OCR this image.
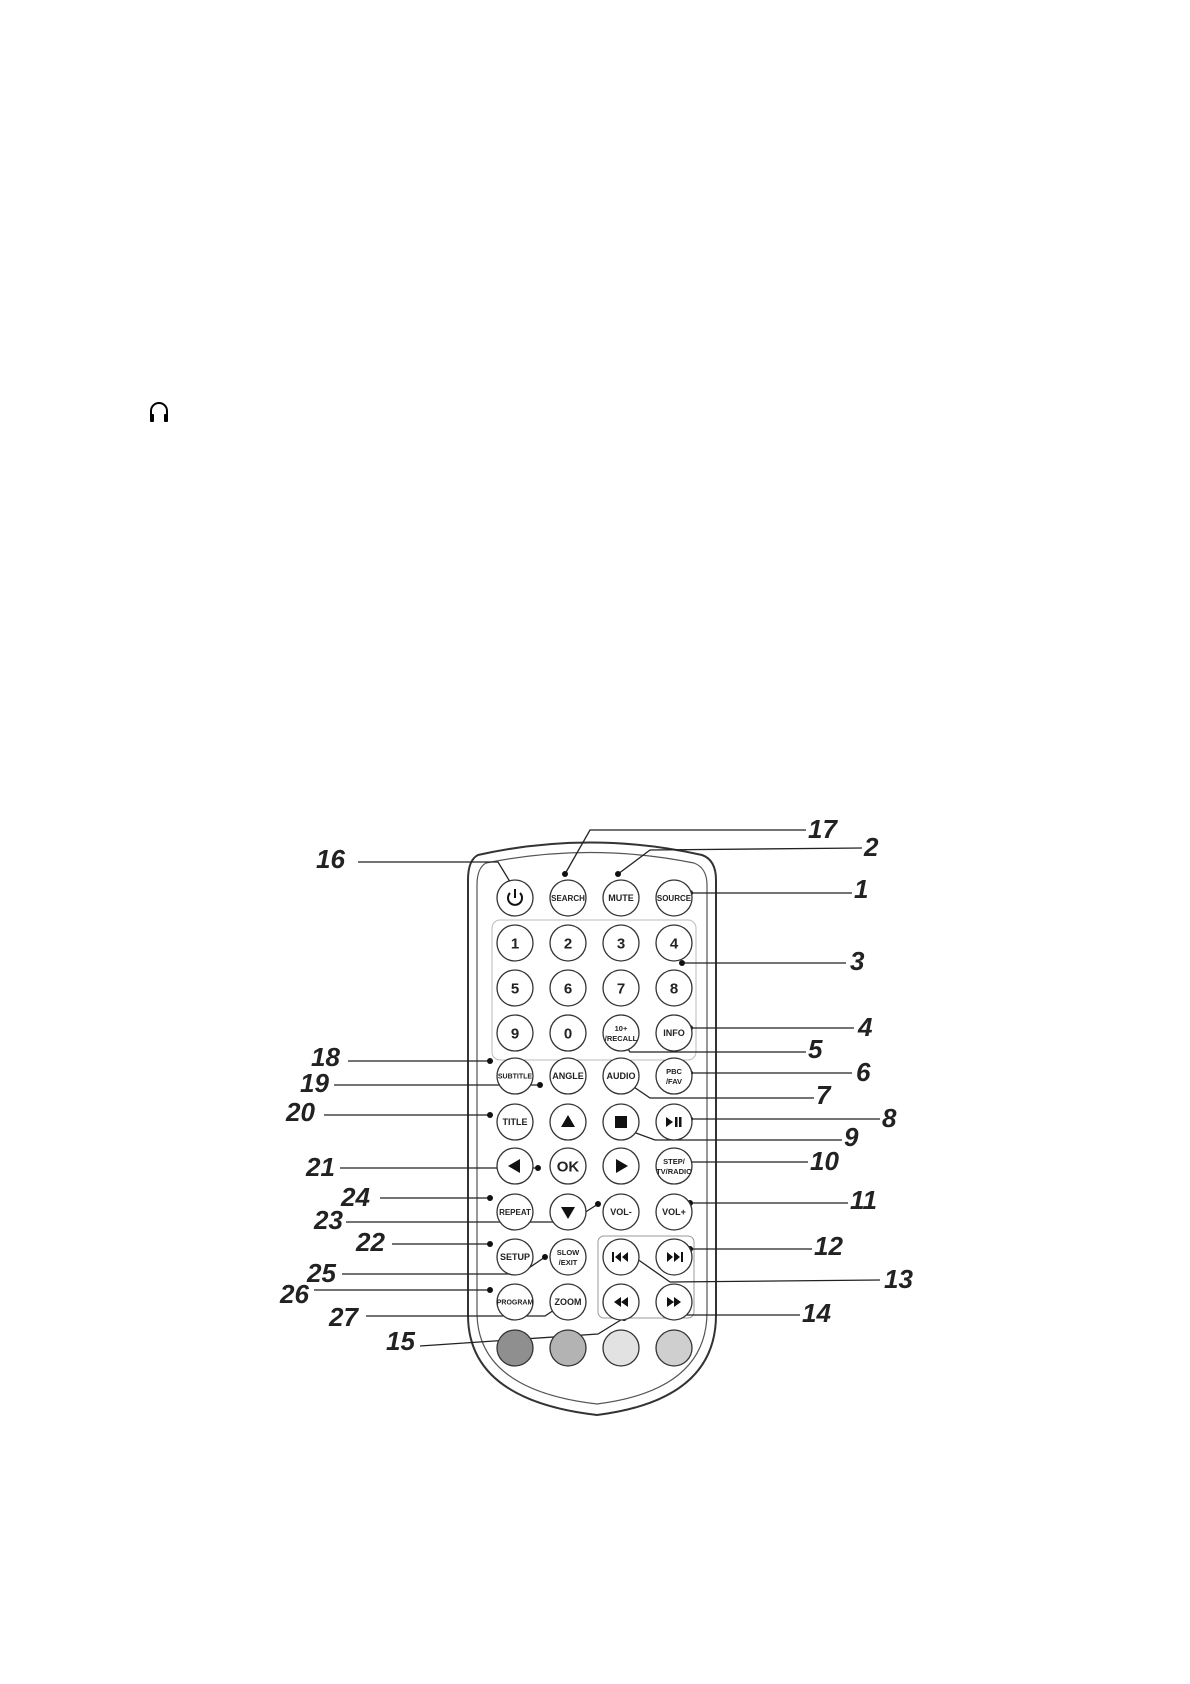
SEARCH	MUTE	SOURCE
1	2	3	4
5	6	7	8
9	0	10+
/RECALL
INFO
SUBTITLE ANGLE	AUDIO	PBC
/FAV
TITLE
OK	STEP/
TV/RADIO
REPEAT	VOL-	VOL+
SETUP	SLOW
/EXIT
PROGRAM ZOOM
1
2
3
4
5
6
7
8
9
10
11
12
13
14
15
16
17
18
19
20
21
22
23
24
25
26
27
